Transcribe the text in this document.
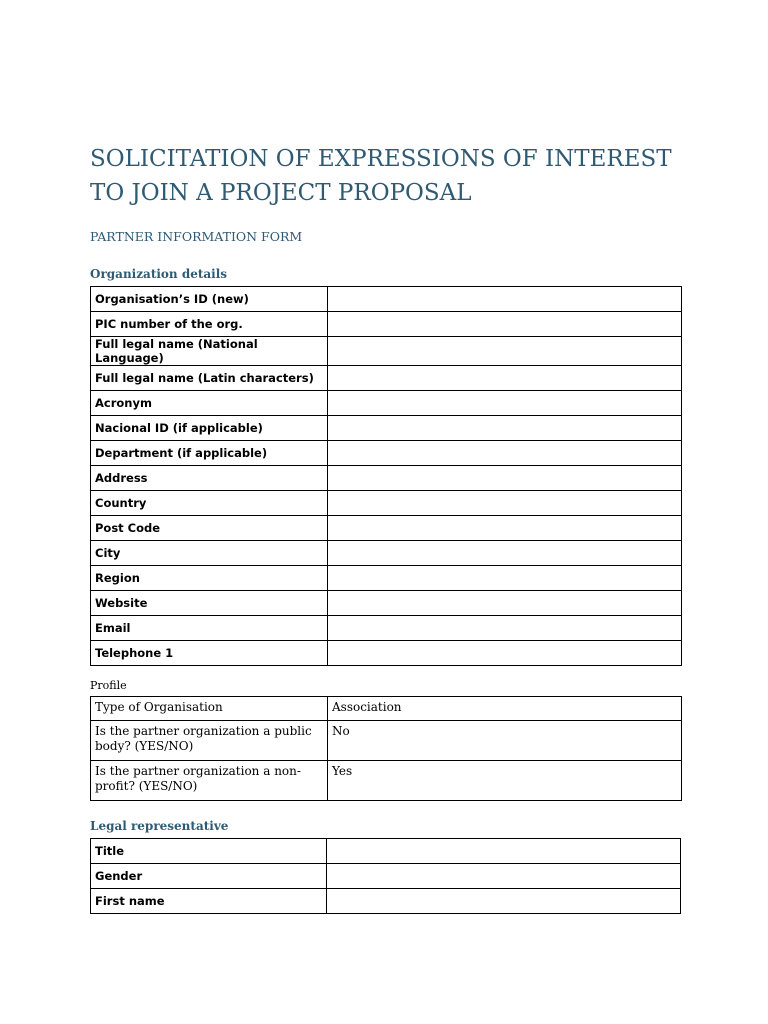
SOLICITATION OF EXPRESSIONS OF INTEREST TO JOIN A PROJECT PROPOSAL

PARTNER INFORMATION FORM

Organization details

Organisation’s ID (new)	
PIC number of the org.	
Full legal name (National Language)	
Full legal name (Latin characters)	
Acronym	
Nacional ID (if applicable)	
Department (if applicable)	
Address	
Country	
Post Code	
City	
Region	
Website	
Email	
Telephone 1	

Profile

Type of Organisation	Association
Is the partner organization a public body? (YES/NO)	No
Is the partner organization a non-profit? (YES/NO)	Yes

Legal representative

Title	
Gender	
First name	
